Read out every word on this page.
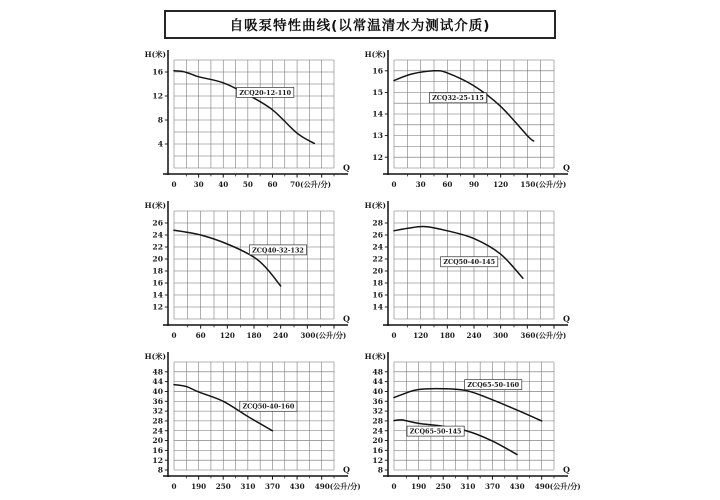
自吸泵特性曲线(以常温清水为测试介质)
0 30 40 50 60 70(公升/分)
4
8
12
16
H(米)
Q
ZCQ20-12-110
0	30 60 90 120 150(公升/分)
12
13
14
15
16
H(米)
Q
ZCQ32-25-115
0	60 120 180 240 300(公升/分)
12
14
16
18
20
22
24
26
H(米)
Q
ZCQ40-32-132
0 120 180 240 300 360(公升/分)
14
16
18
20
22
24
26
28
H(米)
Q
ZCQ50-40-145
0 190 250 310 370 430 490(公升/分)
8
12
16
20
24
28
32
36
40
44
48
H(米)
Q
ZCQ50-40-160
0 190 250 310 370 430 490(公升/分)
8
12
16
20
24
28
32
36
40
44
48
H(米)
Q
ZCQ65-50-160
ZCQ65-50-145
